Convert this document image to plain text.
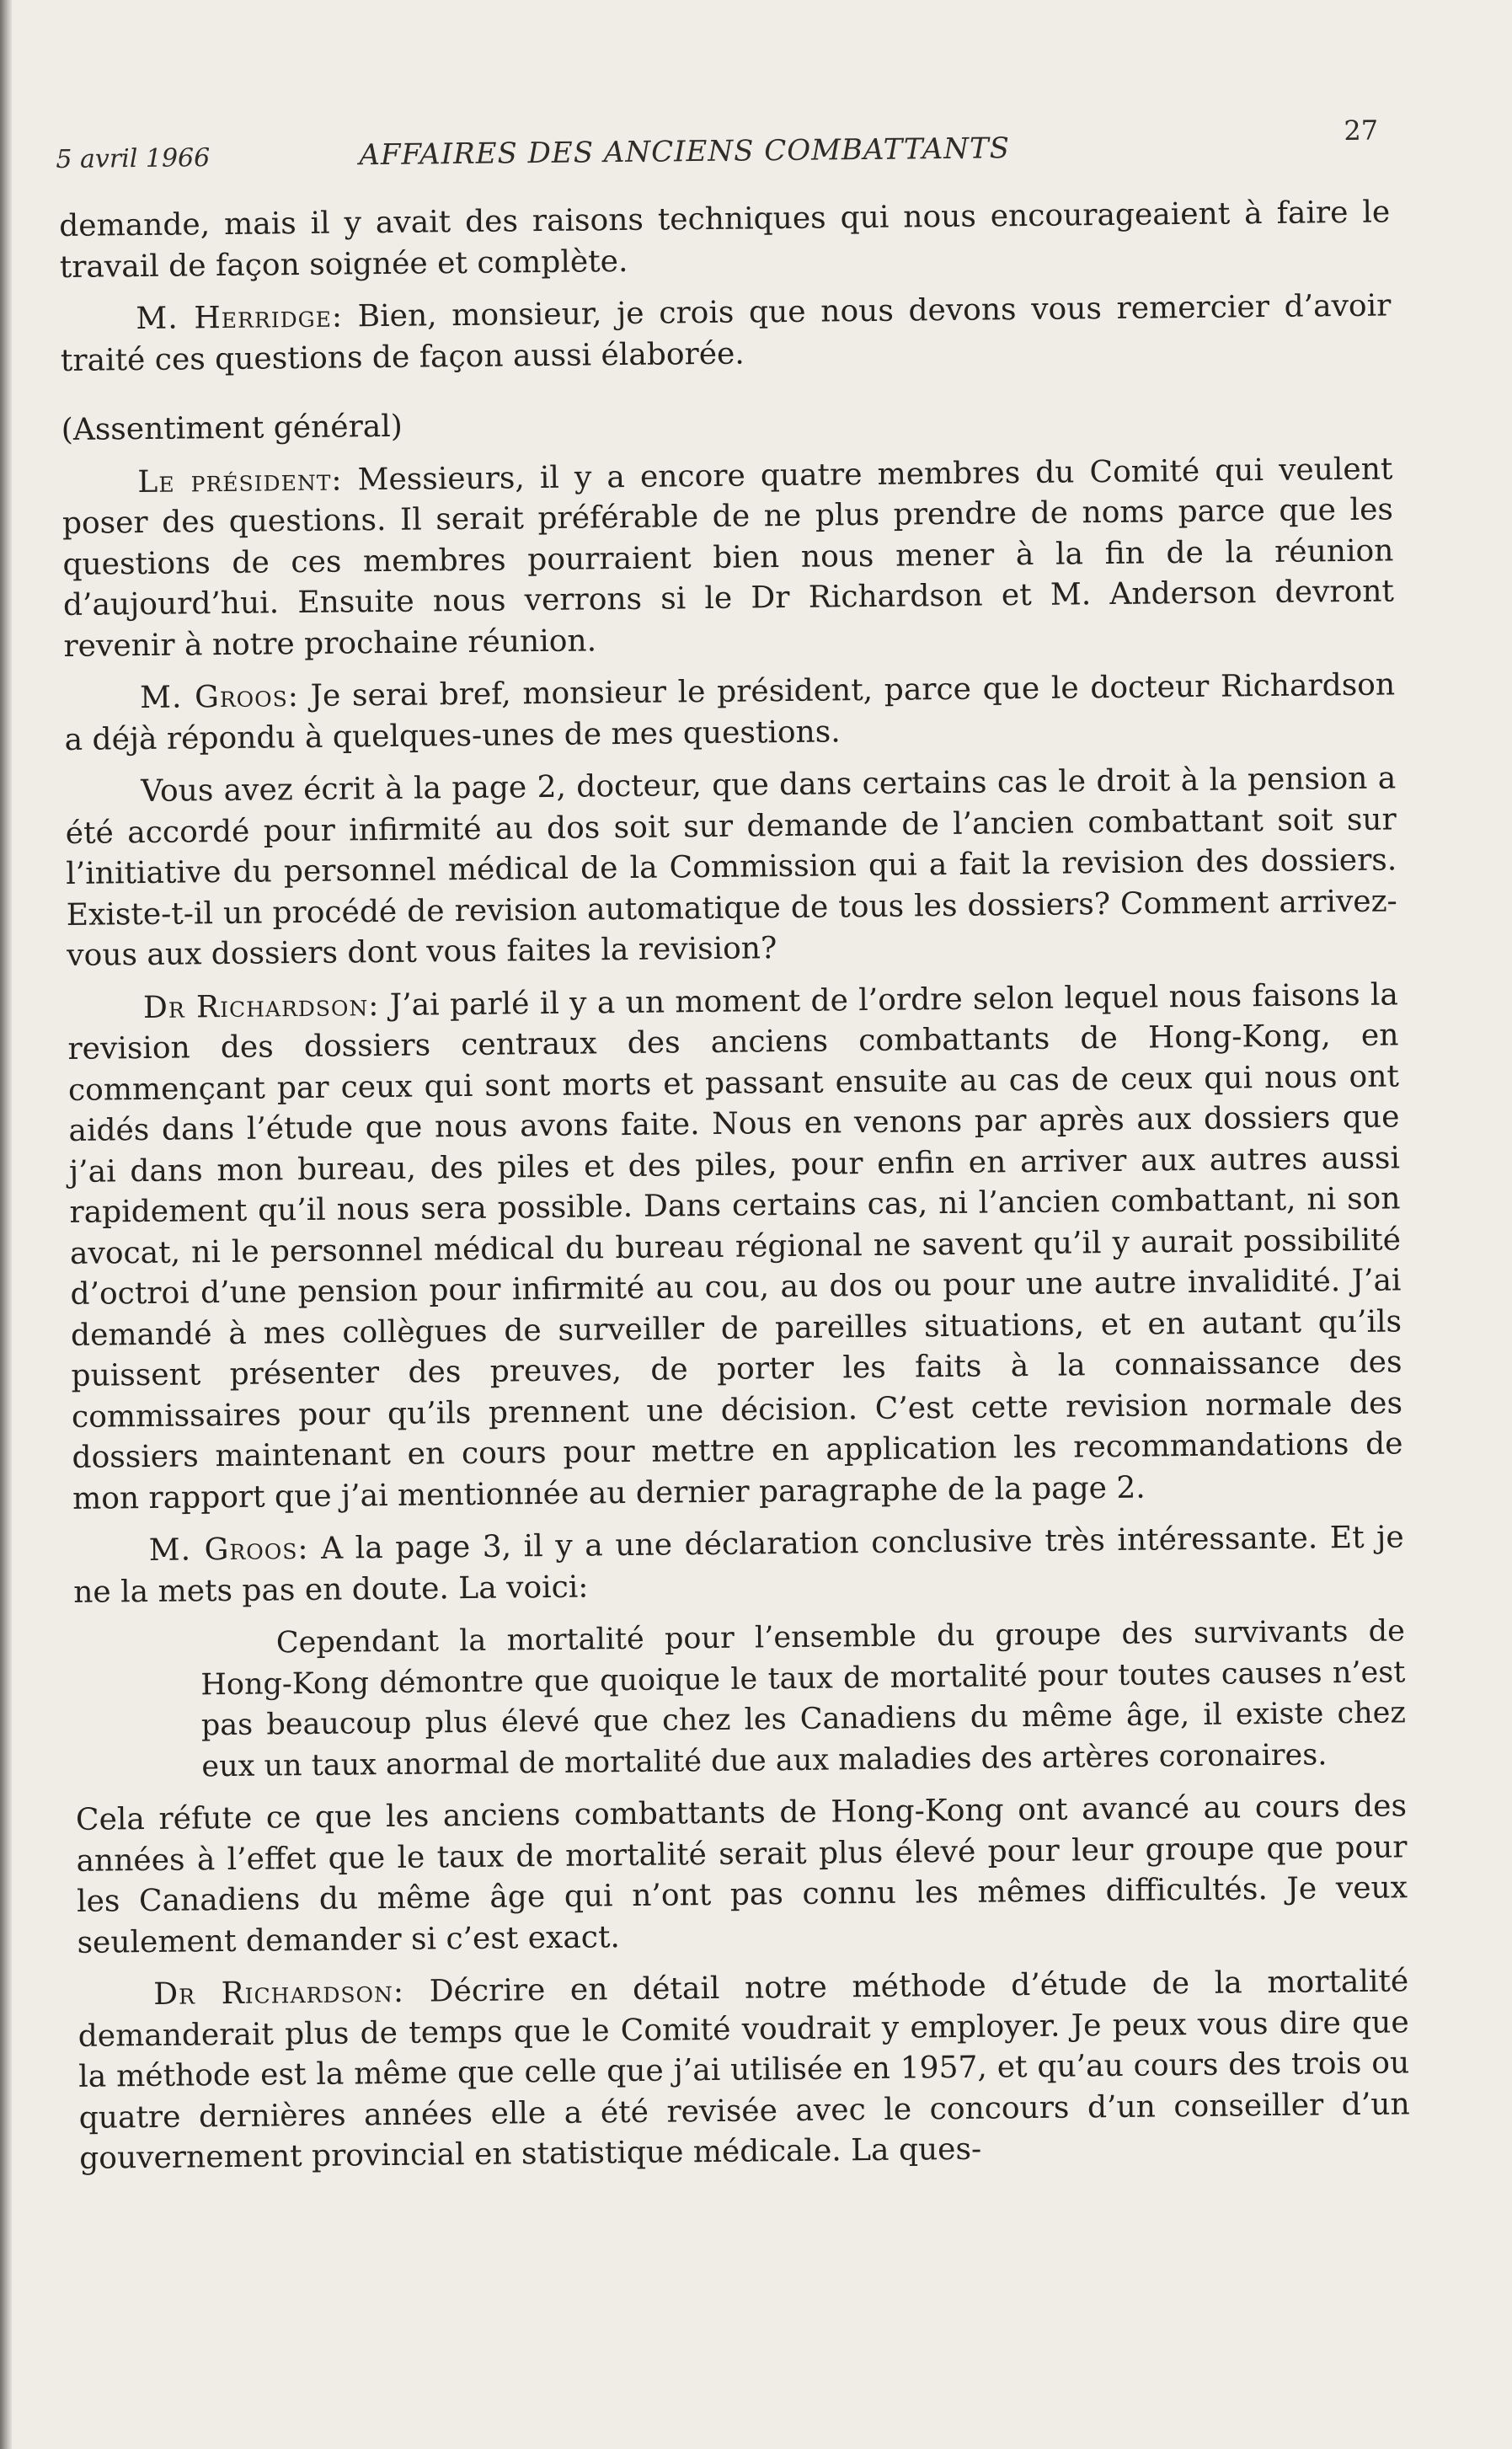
5 avril 1966	AFFAIRES DES ANCIENS COMBATTANTS
27

demande, mais il y avait des raisons techniques qui nous encourageaient à faire le travail de façon soignée et complète.

M. Herridge: Bien, monsieur, je crois que nous devons vous remercier d’avoir traité ces questions de façon aussi élaborée.

(Assentiment général)

Le président: Messieurs, il y a encore quatre membres du Comité qui veulent poser des questions. Il serait préférable de ne plus prendre de noms parce que les questions de ces membres pourraient bien nous mener à la fin de la réunion d’aujourd’hui. Ensuite nous verrons si le Dr Richardson et M. Anderson devront revenir à notre prochaine réunion.

M. Groos: Je serai bref, monsieur le président, parce que le docteur Richardson a déjà répondu à quelques-unes de mes questions.

Vous avez écrit à la page 2, docteur, que dans certains cas le droit à la pension a été accordé pour infirmité au dos soit sur demande de l’ancien combattant soit sur l’initiative du personnel médical de la Commission qui a fait la revision des dossiers. Existe-t-il un procédé de revision automatique de tous les dossiers? Comment arrivez-vous aux dossiers dont vous faites la revision?

Dr Richardson: J’ai parlé il y a un moment de l’ordre selon lequel nous faisons la revision des dossiers centraux des anciens combattants de Hong-Kong, en commençant par ceux qui sont morts et passant ensuite au cas de ceux qui nous ont aidés dans l’étude que nous avons faite. Nous en venons par après aux dossiers que j’ai dans mon bureau, des piles et des piles, pour enfin en arriver aux autres aussi rapidement qu’il nous sera possible. Dans certains cas, ni l’ancien combattant, ni son avocat, ni le personnel médical du bureau régional ne savent qu’il y aurait possibilité d’octroi d’une pension pour infirmité au cou, au dos ou pour une autre invalidité. J’ai demandé à mes collègues de surveiller de pareilles situations, et en autant qu’ils puissent présenter des preuves, de porter les faits à la connaissance des commissaires pour qu’ils prennent une décision. C’est cette revision normale des dossiers maintenant en cours pour mettre en application les recommandations de mon rapport que j’ai mentionnée au dernier paragraphe de la page 2.

M. Groos: A la page 3, il y a une déclaration conclusive très intéressante. Et je ne la mets pas en doute. La voici:

Cependant la mortalité pour l’ensemble du groupe des survivants de Hong-Kong démontre que quoique le taux de mortalité pour toutes causes n’est pas beaucoup plus élevé que chez les Canadiens du même âge, il existe chez eux un taux anormal de mortalité due aux maladies des artères coronaires.

Cela réfute ce que les anciens combattants de Hong-Kong ont avancé au cours des années à l’effet que le taux de mortalité serait plus élevé pour leur groupe que pour les Canadiens du même âge qui n’ont pas connu les mêmes difficultés. Je veux seulement demander si c’est exact.

Dr Richardson: Décrire en détail notre méthode d’étude de la mortalité demanderait plus de temps que le Comité voudrait y employer. Je peux vous dire que la méthode est la même que celle que j’ai utilisée en 1957, et qu’au cours des trois ou quatre dernières années elle a été revisée avec le concours d’un conseiller d’un gouvernement provincial en statistique médicale. La ques-
